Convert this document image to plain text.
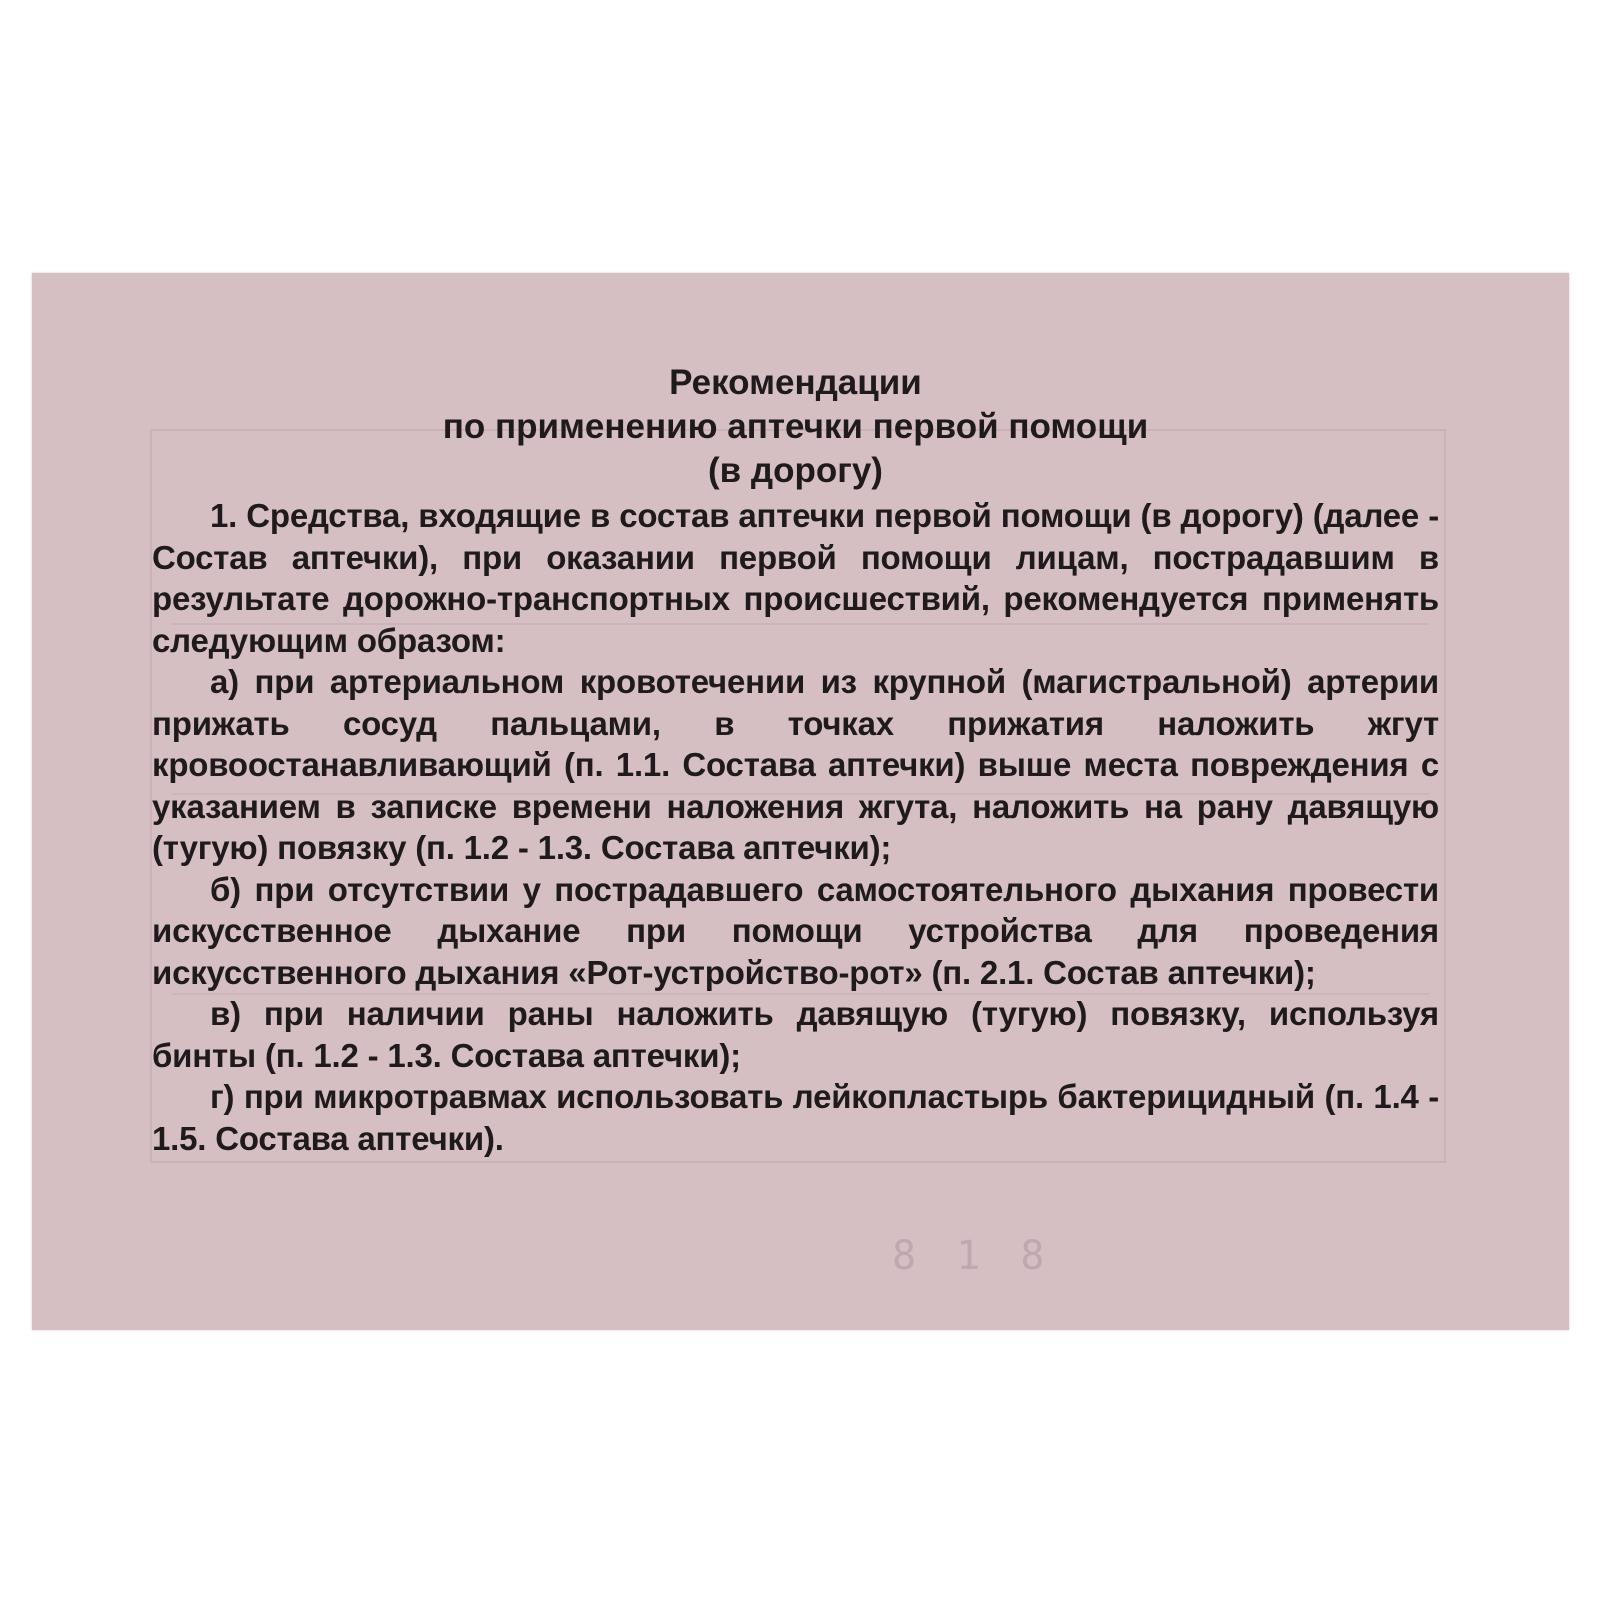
8 1 8
Рекомендации
по применению аптечки первой помощи
(в дорогу)

1. Средства, входящие в состав аптечки первой помощи (в дорогу) (далее - Состав аптечки), при оказании первой помощи лицам, пострадавшим в результате дорожно-транспортных происшествий, рекомендуется применять следующим образом:

а) при артериальном кровотечении из крупной (магистральной) артерии прижать сосуд пальцами, в точках прижатия наложить жгут кровоостанавливающий (п. 1.1. Состава аптечки) выше места повреждения с указанием в записке времени наложения жгута, наложить на рану давящую (тугую) повязку (п. 1.2 - 1.3. Состава аптечки);

б) при отсутствии у пострадавшего самостоятельного дыхания провести искусственное дыхание при помощи устройства для проведения искусственного дыхания «Рот-устройство-рот» (п. 2.1. Состав аптечки);

в) при наличии раны наложить давящую (тугую) повязку, используя бинты (п. 1.2 - 1.3. Состава аптечки);

г) при микротравмах использовать лейкопластырь бактерицидный (п. 1.4 - 1.5. Состава аптечки).
